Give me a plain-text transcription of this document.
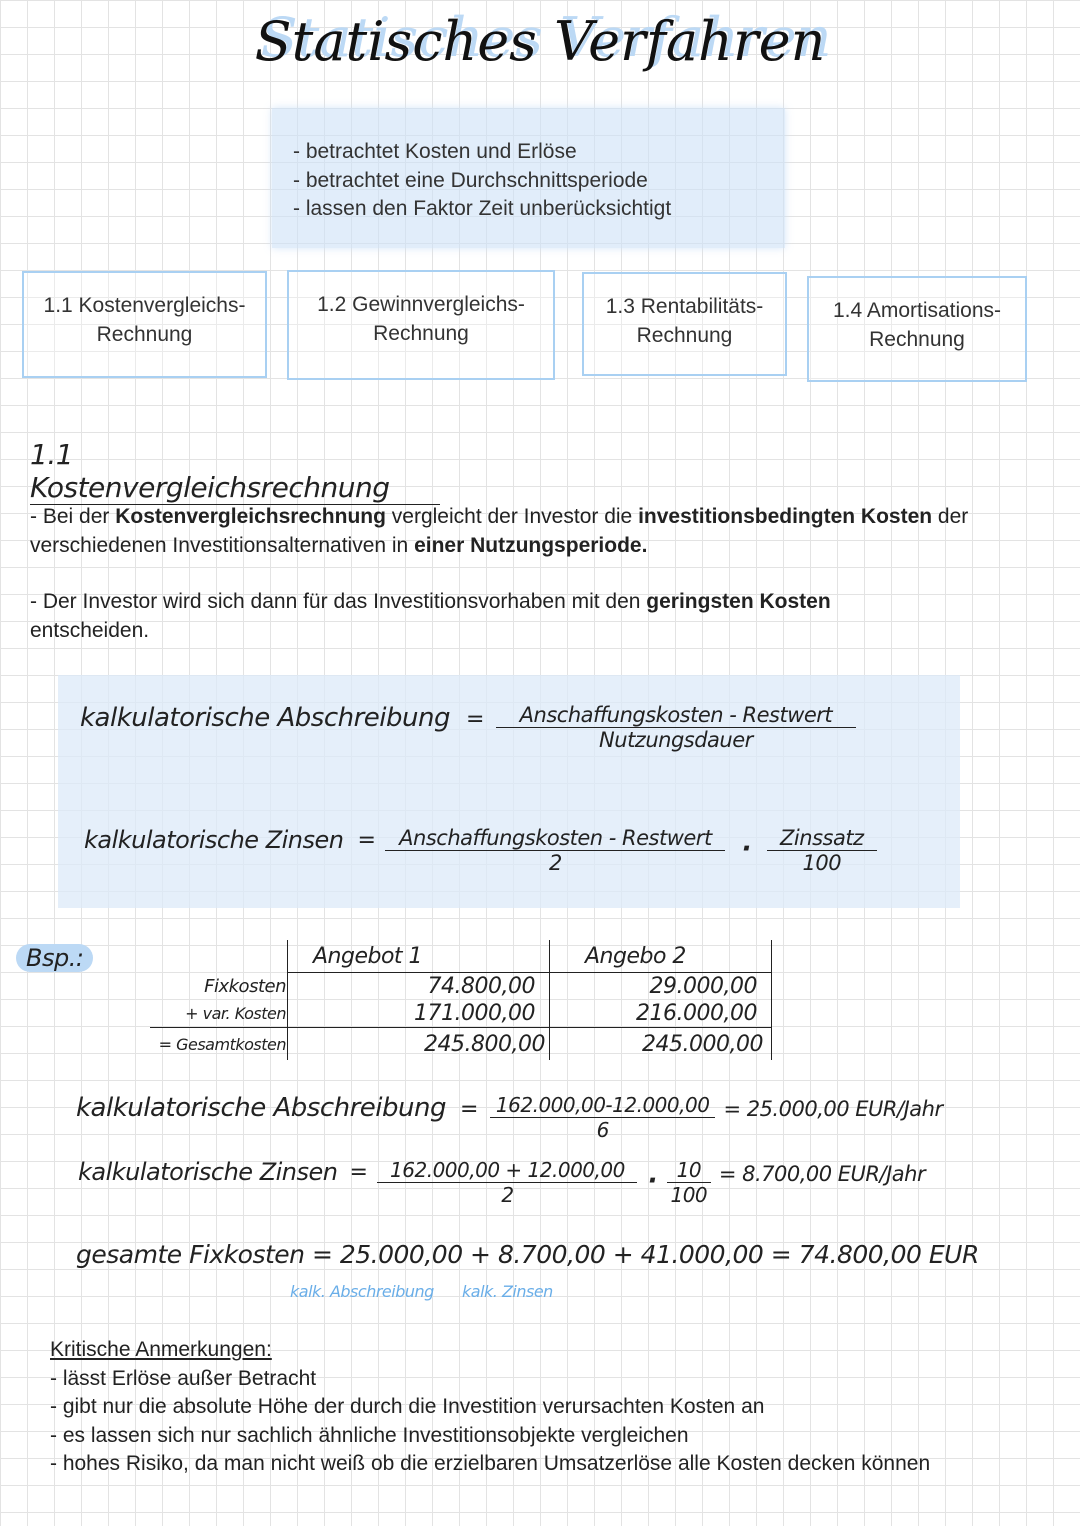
Statisches Verfahren
- betrachtet Kosten und Erlöse
- betrachtet eine Durchschnittsperiode
- lassen den Faktor Zeit unberücksichtigt
1.1 Kostenvergleichs-
Rechnung
1.2 Gewinnvergleichs-
Rechnung
1.3 Rentabilitäts-
Rechnung
1.4 Amortisations-
Rechnung
1.1 Kostenvergleichsrechnung
- Bei der Kostenvergleichsrechnung vergleicht der Investor die investitionsbedingten Kosten der verschiedenen Investitionsalternativen in einer Nutzungsperiode.
- Der Investor wird sich dann für das Investitionsvorhaben mit den geringsten Kosten
entscheiden.
kalkulatorische Abschreibung = $\frac{\text{Anschaffungskosten - Restwert}}{\text{Nutzungsdauer}}$
kalkulatorische Zinsen = $\frac{\text{Anschaffungskosten - Restwert}}{2} \cdot \frac{\text{Zinssatz}}{100}$
Bsp.:
		Angebot 1	Angebo 2
Fixkosten	74.800,00	29.000,00
+ var. Kosten	171.000,00	216.000,00
= Gesamtkosten	245.800,00	245.000,00
kalkulatorische Abschreibung = $\frac{162.000,00-12.000,00}{6} = 25.000,00$ EUR/Jahr
kalkulatorische Zinsen = $\frac{162.000,00 + 12.000,00}{2} \cdot \frac{10}{100} = 8.700,00$ EUR/Jahr
gesamte Fixkosten = 25.000,00 + 8.700,00 + 41.000,00 = 74.800,00 EUR
kalk. Abschreibung kalk. Zinsen
Kritische Anmerkungen:
- lässt Erlöse außer Betracht
- gibt nur die absolute Höhe der durch die Investition verursachten Kosten an
- es lassen sich nur sachlich ähnliche Investitionsobjekte vergleichen
- hohes Risiko, da man nicht weiß ob die erzielbaren Umsatzerlöse alle Kosten decken können
